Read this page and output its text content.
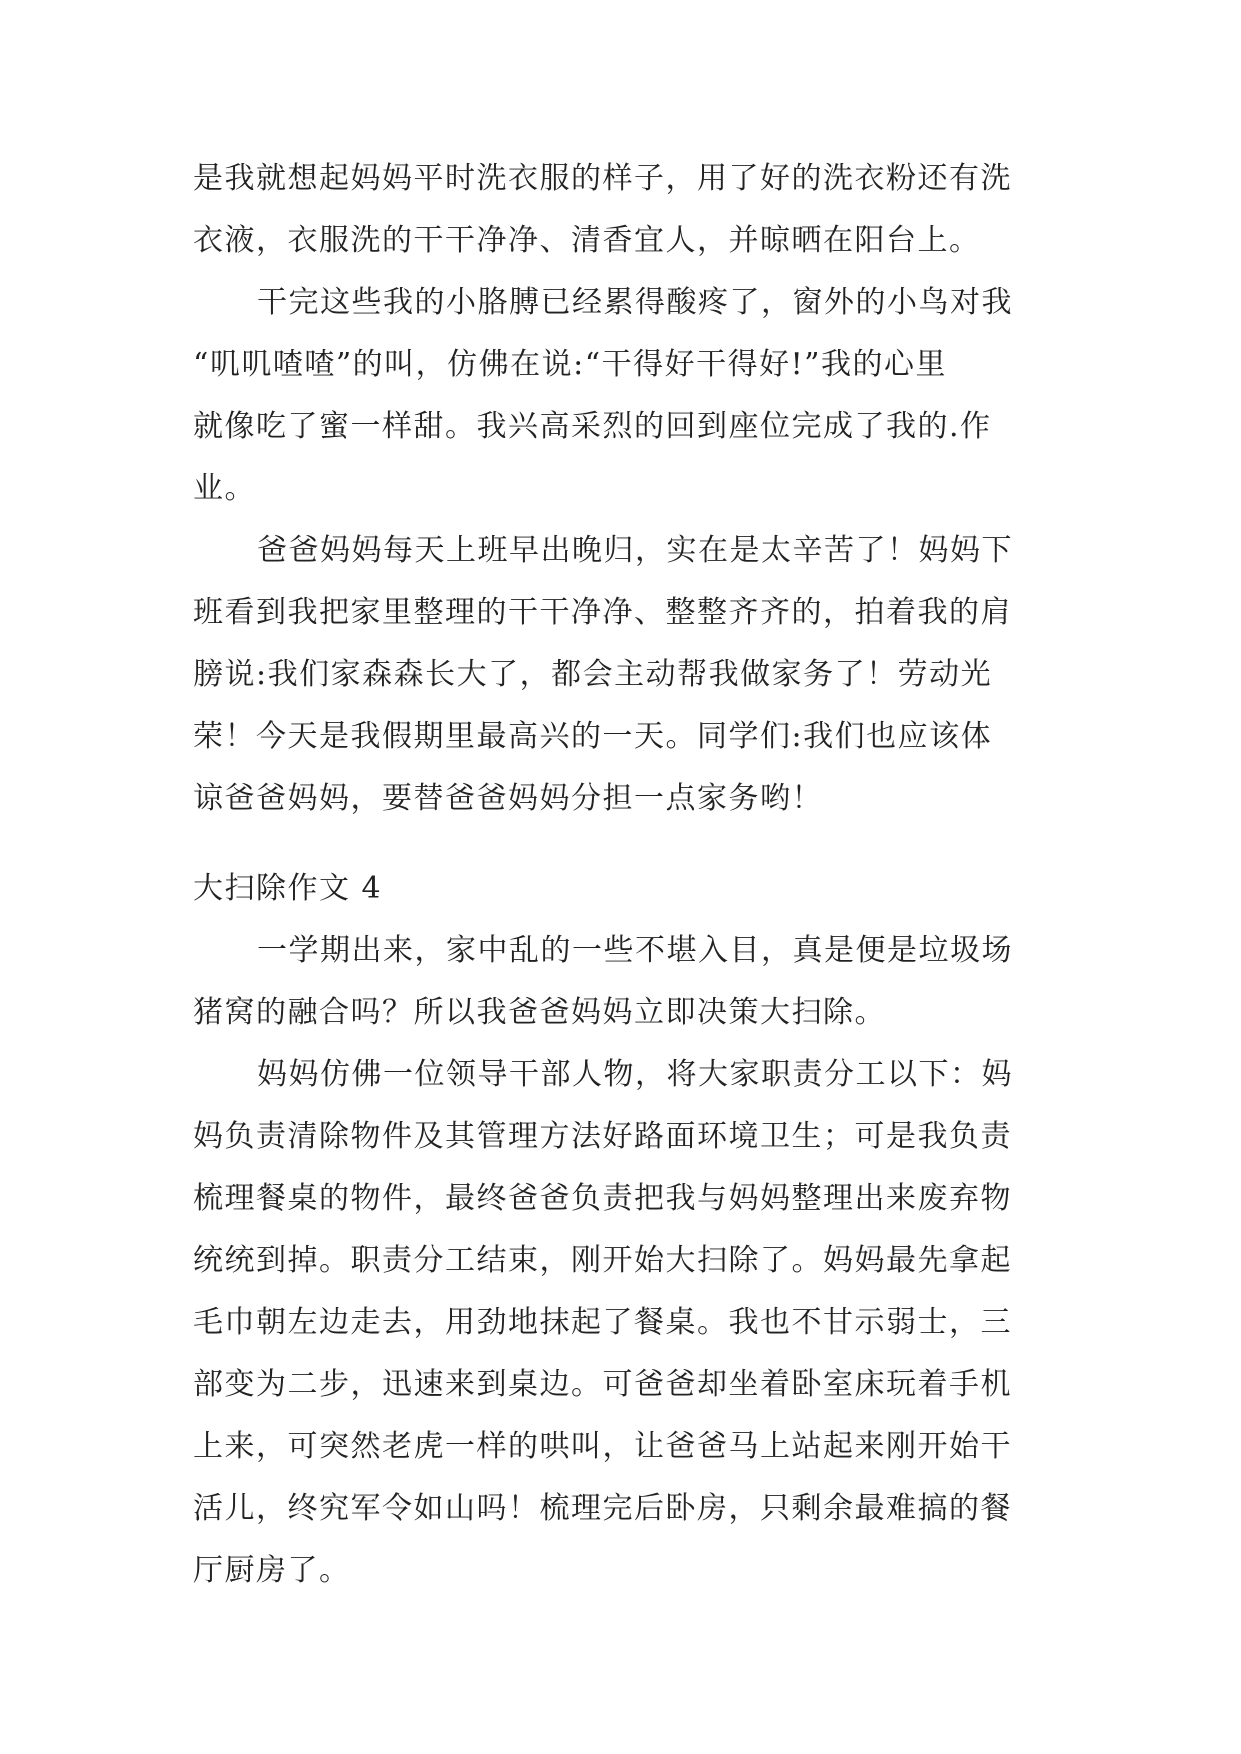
是我就想起妈妈平时洗衣服的样子，用了好的洗衣粉还有洗
衣液，衣服洗的干干净净、清香宜人，并晾晒在阳台上。
干完这些我的小胳膊已经累得酸疼了，窗外的小鸟对我
“叽叽喳喳”的叫，仿佛在说:“干得好干得好!”我的心里
就像吃了蜜一样甜。我兴高采烈的回到座位完成了我的.作
业。
爸爸妈妈每天上班早出晚归，实在是太辛苦了！妈妈下
班看到我把家里整理的干干净净、整整齐齐的，拍着我的肩
膀说:我们家森森长大了，都会主动帮我做家务了！劳动光
荣！今天是我假期里最高兴的一天。同学们:我们也应该体
谅爸爸妈妈，要替爸爸妈妈分担一点家务哟！
大扫除作文 4
一学期出来，家中乱的一些不堪入目，真是便是垃圾场
猪窝的融合吗？所以我爸爸妈妈立即决策大扫除。
妈妈仿佛一位领导干部人物，将大家职责分工以下：妈
妈负责清除物件及其管理方法好路面环境卫生；可是我负责
梳理餐桌的物件，最终爸爸负责把我与妈妈整理出来废弃物
统统到掉。职责分工结束，刚开始大扫除了。妈妈最先拿起
毛巾朝左边走去，用劲地抹起了餐桌。我也不甘示弱士，三
部变为二步，迅速来到桌边。可爸爸却坐着卧室床玩着手机
上来，可突然老虎一样的哄叫，让爸爸马上站起来刚开始干
活儿，终究军令如山吗！梳理完后卧房，只剩余最难搞的餐
厅厨房了。
